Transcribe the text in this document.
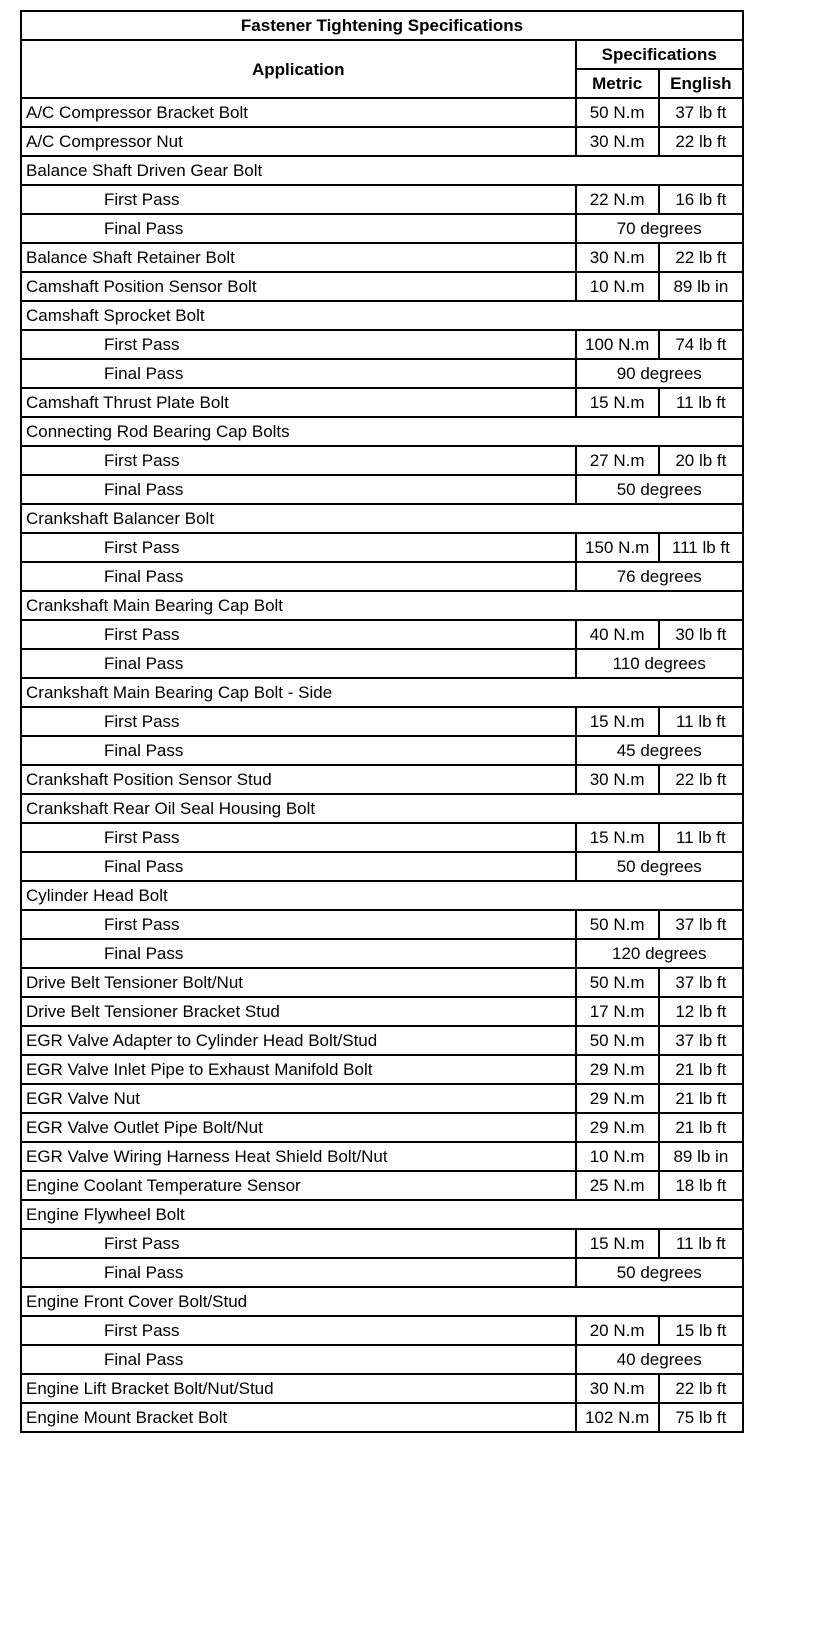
Fastener Tightening Specifications		
Application	Specifications	
	Metric	English
A/C Compressor Bracket Bolt	50 N.m	37 lb ft
A/C Compressor Nut	30 N.m	22 lb ft
Balance Shaft Driven Gear Bolt		
First Pass	22 N.m	16 lb ft
Final Pass	70 degrees	
Balance Shaft Retainer Bolt	30 N.m	22 lb ft
Camshaft Position Sensor Bolt	10 N.m	89 lb in
Camshaft Sprocket Bolt		
First Pass	100 N.m	74 lb ft
Final Pass	90 degrees	
Camshaft Thrust Plate Bolt	15 N.m	11 lb ft
Connecting Rod Bearing Cap Bolts		
First Pass	27 N.m	20 lb ft
Final Pass	50 degrees	
Crankshaft Balancer Bolt		
First Pass	150 N.m	111 lb ft
Final Pass	76 degrees	
Crankshaft Main Bearing Cap Bolt		
First Pass	40 N.m	30 lb ft
Final Pass	110 degrees	
Crankshaft Main Bearing Cap Bolt - Side		
First Pass	15 N.m	11 lb ft
Final Pass	45 degrees	
Crankshaft Position Sensor Stud	30 N.m	22 lb ft
Crankshaft Rear Oil Seal Housing Bolt		
First Pass	15 N.m	11 lb ft
Final Pass	50 degrees	
Cylinder Head Bolt		
First Pass	50 N.m	37 lb ft
Final Pass	120 degrees	
Drive Belt Tensioner Bolt/Nut	50 N.m	37 lb ft
Drive Belt Tensioner Bracket Stud	17 N.m	12 lb ft
EGR Valve Adapter to Cylinder Head Bolt/Stud	50 N.m	37 lb ft
EGR Valve Inlet Pipe to Exhaust Manifold Bolt	29 N.m	21 lb ft
EGR Valve Nut	29 N.m	21 lb ft
EGR Valve Outlet Pipe Bolt/Nut	29 N.m	21 lb ft
EGR Valve Wiring Harness Heat Shield Bolt/Nut	10 N.m	89 lb in
Engine Coolant Temperature Sensor	25 N.m	18 lb ft
Engine Flywheel Bolt		
First Pass	15 N.m	11 lb ft
Final Pass	50 degrees	
Engine Front Cover Bolt/Stud		
First Pass	20 N.m	15 lb ft
Final Pass	40 degrees	
Engine Lift Bracket Bolt/Nut/Stud	30 N.m	22 lb ft
Engine Mount Bracket Bolt	102 N.m	75 lb ft
